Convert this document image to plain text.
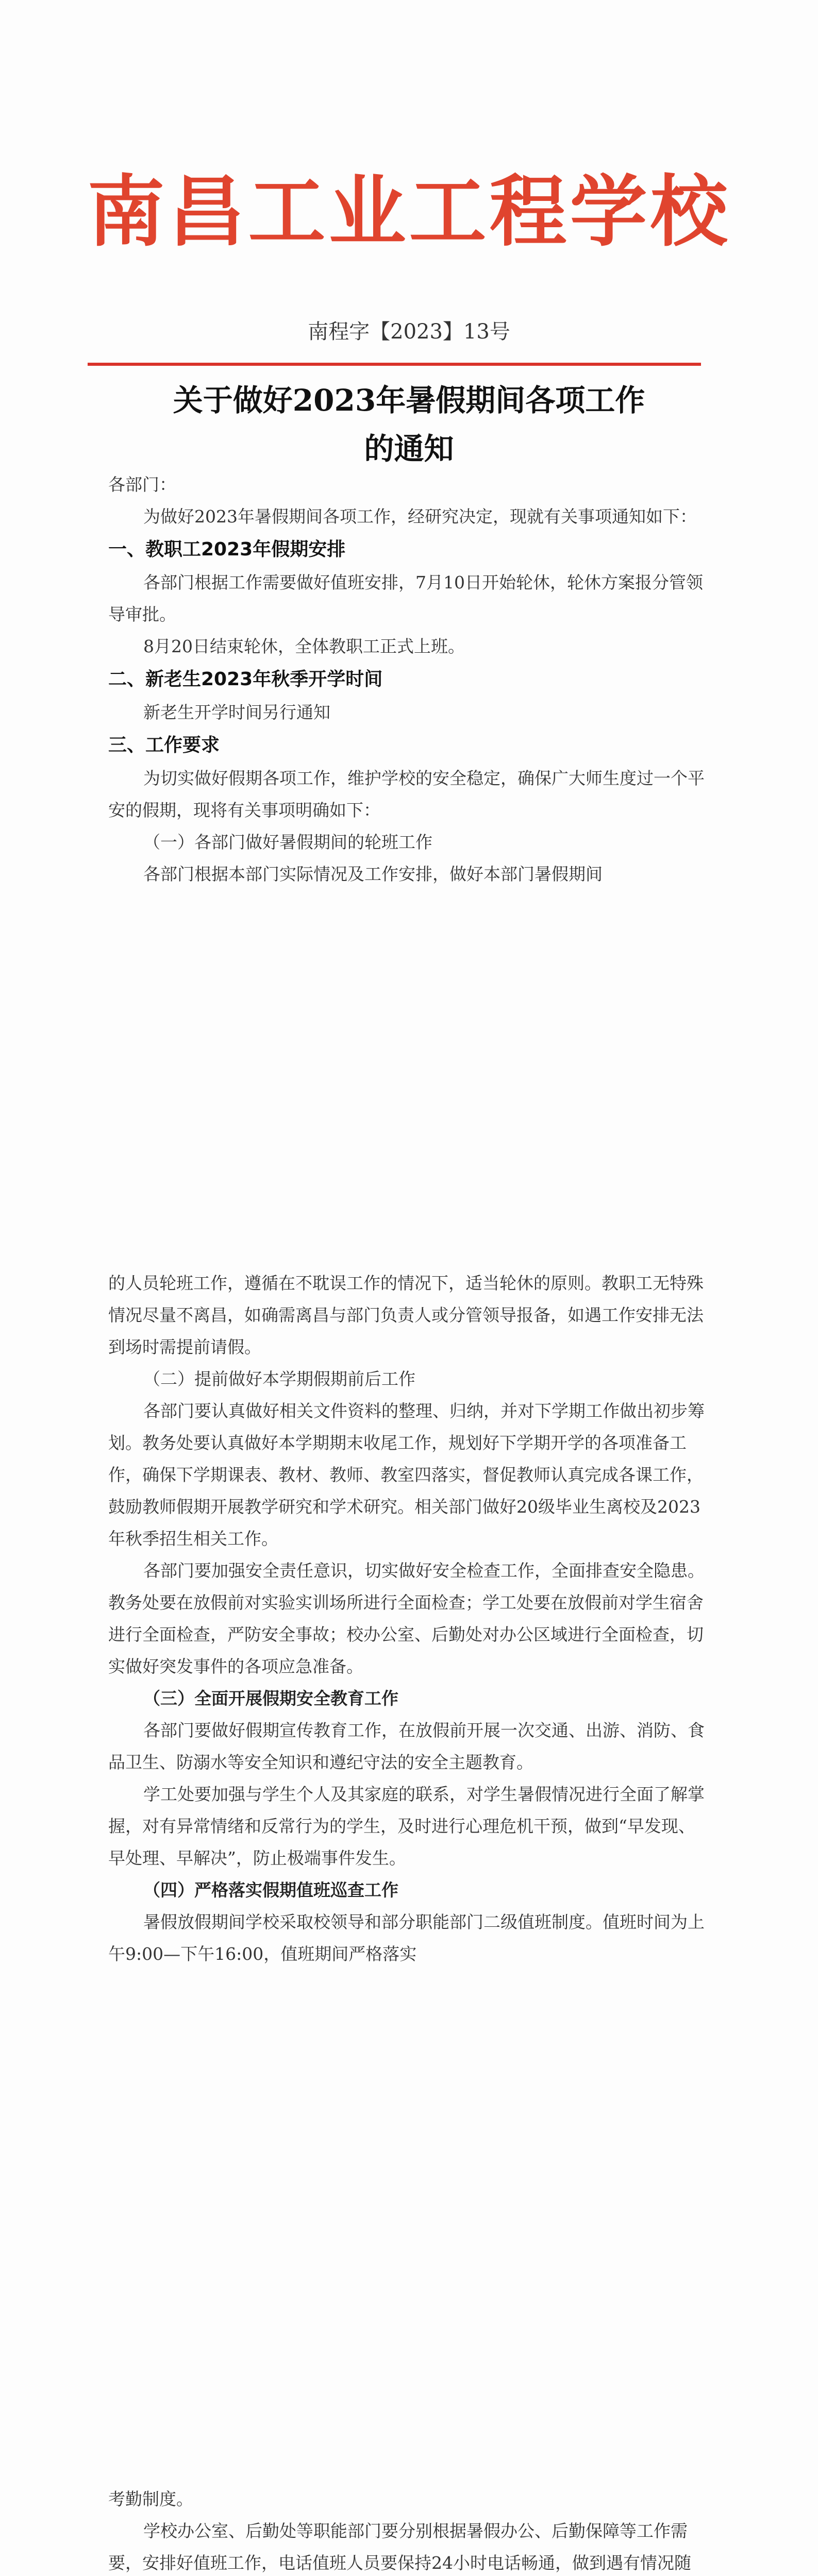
南昌工业工程学校
南程字【2023】13号
关于做好2023年暑假期间各项工作
的通知

各部门：

为做好2023年暑假期间各项工作，经研究决定，现就有关事项通知如下：

一、教职工2023年假期安排

各部门根据工作需要做好值班安排，7月10日开始轮休，轮休方案报分管领导审批。

8月20日结束轮休，全体教职工正式上班。

二、新老生2023年秋季开学时间

新老生开学时间另行通知

三、工作要求

为切实做好假期各项工作，维护学校的安全稳定，确保广大师生度过一个平安的假期，现将有关事项明确如下：

（一）各部门做好暑假期间的轮班工作

各部门根据本部门实际情况及工作安排，做好本部门暑假期间

的人员轮班工作，遵循在不耽误工作的情况下，适当轮休的原则。教职工无特殊情况尽量不离昌，如确需离昌与部门负责人或分管领导报备，如遇工作安排无法到场时需提前请假。

（二）提前做好本学期假期前后工作

各部门要认真做好相关文件资料的整理、归纳，并对下学期工作做出初步筹划。教务处要认真做好本学期期末收尾工作，规划好下学期开学的各项准备工作，确保下学期课表、教材、教师、教室四落实，督促教师认真完成各课工作，鼓励教师假期开展教学研究和学术研究。相关部门做好20级毕业生离校及2023年秋季招生相关工作。

各部门要加强安全责任意识，切实做好安全检查工作，全面排查安全隐患。教务处要在放假前对实验实训场所进行全面检查；学工处要在放假前对学生宿舍进行全面检查，严防安全事故；校办公室、后勤处对办公区域进行全面检查，切实做好突发事件的各项应急准备。

（三）全面开展假期安全教育工作

各部门要做好假期宣传教育工作，在放假前开展一次交通、出游、消防、食品卫生、防溺水等安全知识和遵纪守法的安全主题教育。

学工处要加强与学生个人及其家庭的联系，对学生暑假情况进行全面了解掌握，对有异常情绪和反常行为的学生，及时进行心理危机干预，做到“早发现、早处理、早解决”，防止极端事件发生。

（四）严格落实假期值班巡查工作

暑假放假期间学校采取校领导和部分职能部门二级值班制度。值班时间为上午9:00—下午16:00，值班期间严格落实

考勤制度。

学校办公室、后勤处等职能部门要分别根据暑假办公、后勤保障等工作需要，安排好值班工作，电话值班人员要保持24小时电话畅通，做到遇有情况随
